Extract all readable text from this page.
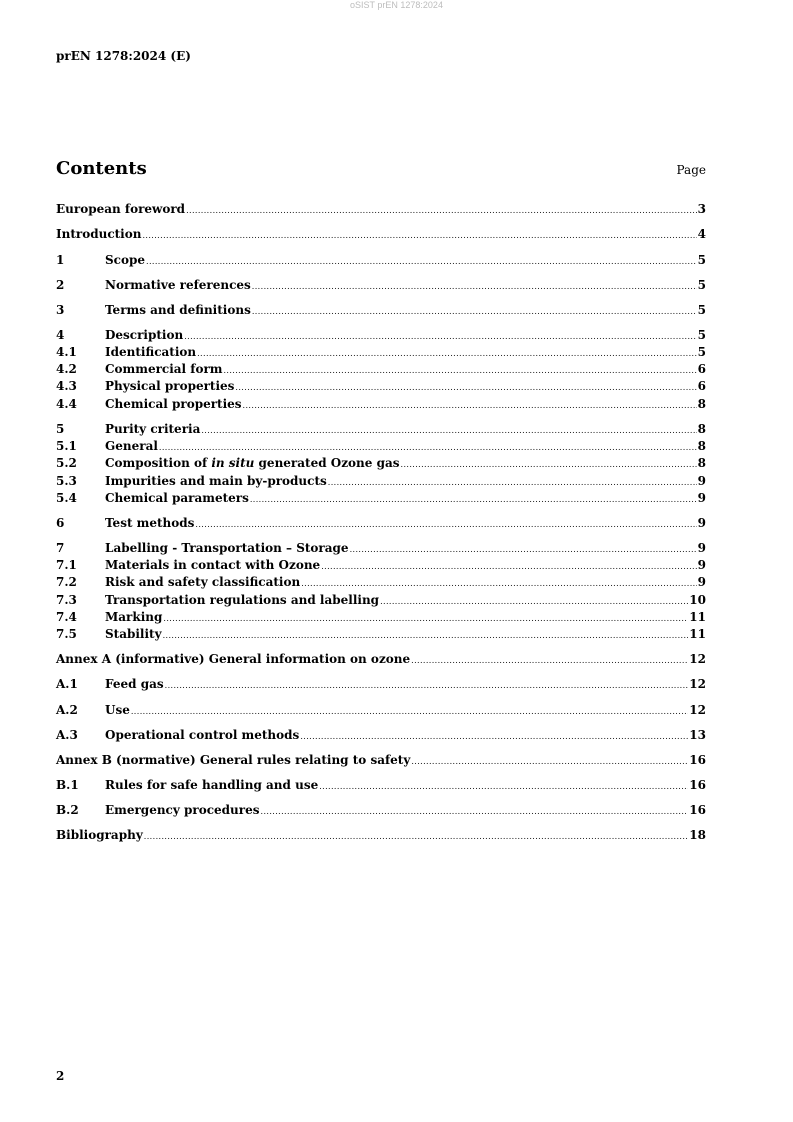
oSIST prEN 1278:2024
prEN 1278:2024 (E)
Contents	Page
European foreword .....	3
Introduction .....	4
1	Scope .....	5
2	Normative references .....	5
3	Terms and definitions .....	5
4	Description .....	5
4.1	Identification .....	5
4.2	Commercial form .....	6
4.3	Physical properties .....	6
4.4	Chemical properties .....	8
5	Purity criteria .....	8
5.1	General .....	8
5.2	Composition of in situ generated Ozone gas .....	8
5.3	Impurities and main by-products .....	9
5.4	Chemical parameters .....	9
6	Test methods .....	9
7	Labelling - Transportation – Storage .....	9
7.1	Materials in contact with Ozone .....	9
7.2	Risk and safety classification .....	9
7.3	Transportation regulations and labelling .....	10
7.4	Marking .....	11
7.5	Stability .....	11
Annex A (informative) General information on ozone .....	12
A.1	Feed gas .....	12
A.2	Use .....	12
A.3	Operational control methods .....	13
Annex B (normative) General rules relating to safety .....	16
B.1	Rules for safe handling and use .....	16
B.2	Emergency procedures .....	16
Bibliography .....	18
2
